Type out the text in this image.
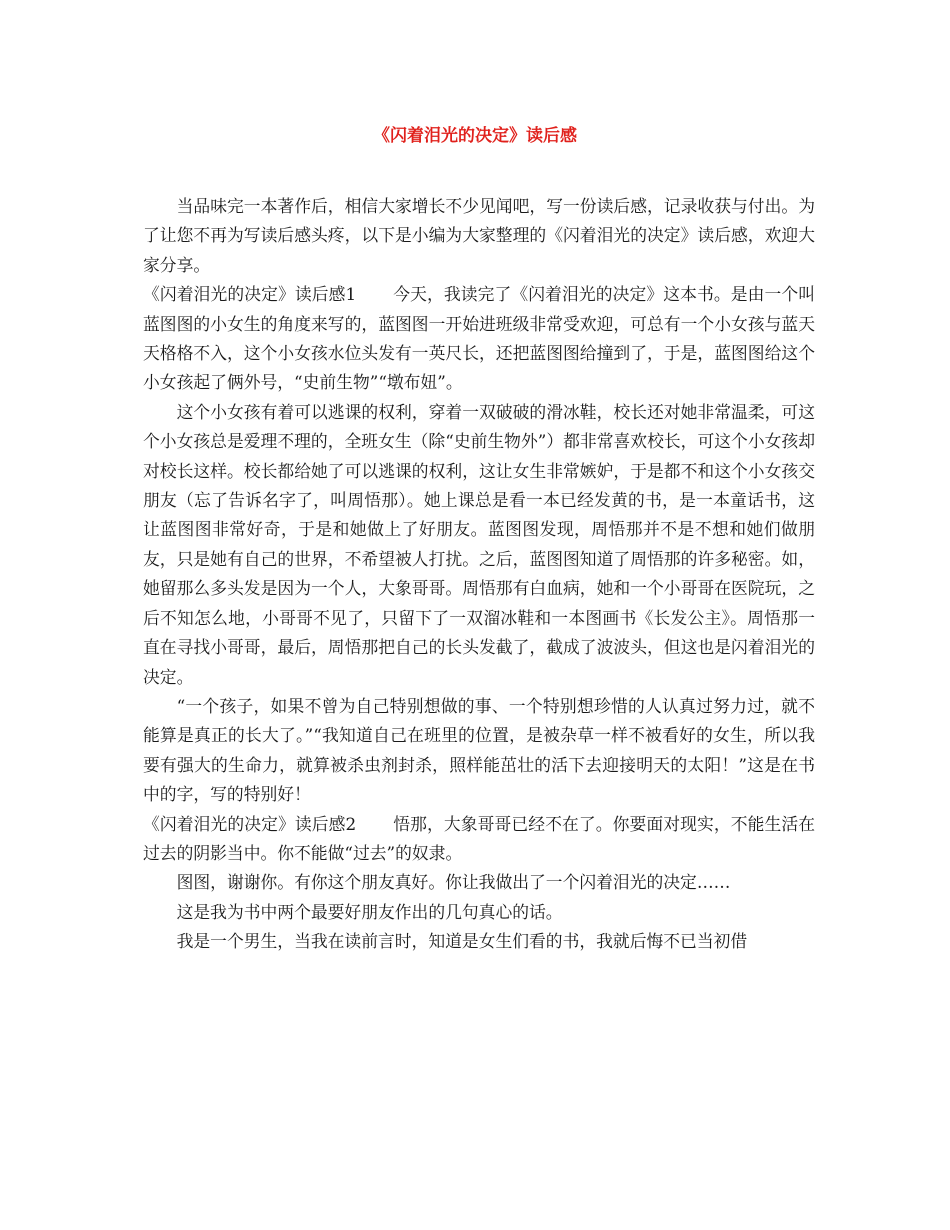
《闪着泪光的决定》读后感

当品味完一本著作后，相信大家增长不少见闻吧，写一份读后感，记录收获与付出。为了让您不再为写读后感头疼，以下是小编为大家整理的《闪着泪光的决定》读后感，欢迎大家分享。

《闪着泪光的决定》读后感1 今天，我读完了《闪着泪光的决定》这本书。是由一个叫蓝图图的小女生的角度来写的，蓝图图一开始进班级非常受欢迎，可总有一个小女孩与蓝天天格格不入，这个小女孩水位头发有一英尺长，还把蓝图图给撞到了，于是，蓝图图给这个小女孩起了俩外号，“史前生物”“墩布妞”。

这个小女孩有着可以逃课的权利，穿着一双破破的滑冰鞋，校长还对她非常温柔，可这个小女孩总是爱理不理的，全班女生（除“史前生物外”）都非常喜欢校长，可这个小女孩却对校长这样。校长都给她了可以逃课的权利，这让女生非常嫉妒，于是都不和这个小女孩交朋友（忘了告诉名字了，叫周悟那）。她上课总是看一本已经发黄的书，是一本童话书，这让蓝图图非常好奇，于是和她做上了好朋友。蓝图图发现，周悟那并不是不想和她们做朋友，只是她有自己的世界，不希望被人打扰。之后，蓝图图知道了周悟那的许多秘密。如，她留那么多头发是因为一个人，大象哥哥。周悟那有白血病，她和一个小哥哥在医院玩，之后不知怎么地，小哥哥不见了，只留下了一双溜冰鞋和一本图画书《长发公主》。周悟那一直在寻找小哥哥，最后，周悟那把自己的长头发截了，截成了波波头，但这也是闪着泪光的决定。

“一个孩子，如果不曾为自己特别想做的事、一个特别想珍惜的人认真过努力过，就不能算是真正的长大了。”“我知道自己在班里的位置，是被杂草一样不被看好的女生，所以我要有强大的生命力，就算被杀虫剂封杀，照样能茁壮的活下去迎接明天的太阳！”这是在书中的字，写的特别好！

《闪着泪光的决定》读后感2 悟那，大象哥哥已经不在了。你要面对现实，不能生活在过去的阴影当中。你不能做“过去”的奴隶。

图图，谢谢你。有你这个朋友真好。你让我做出了一个闪着泪光的决定……

这是我为书中两个最要好朋友作出的几句真心的话。

我是一个男生，当我在读前言时，知道是女生们看的书，我就后悔不已当初借
